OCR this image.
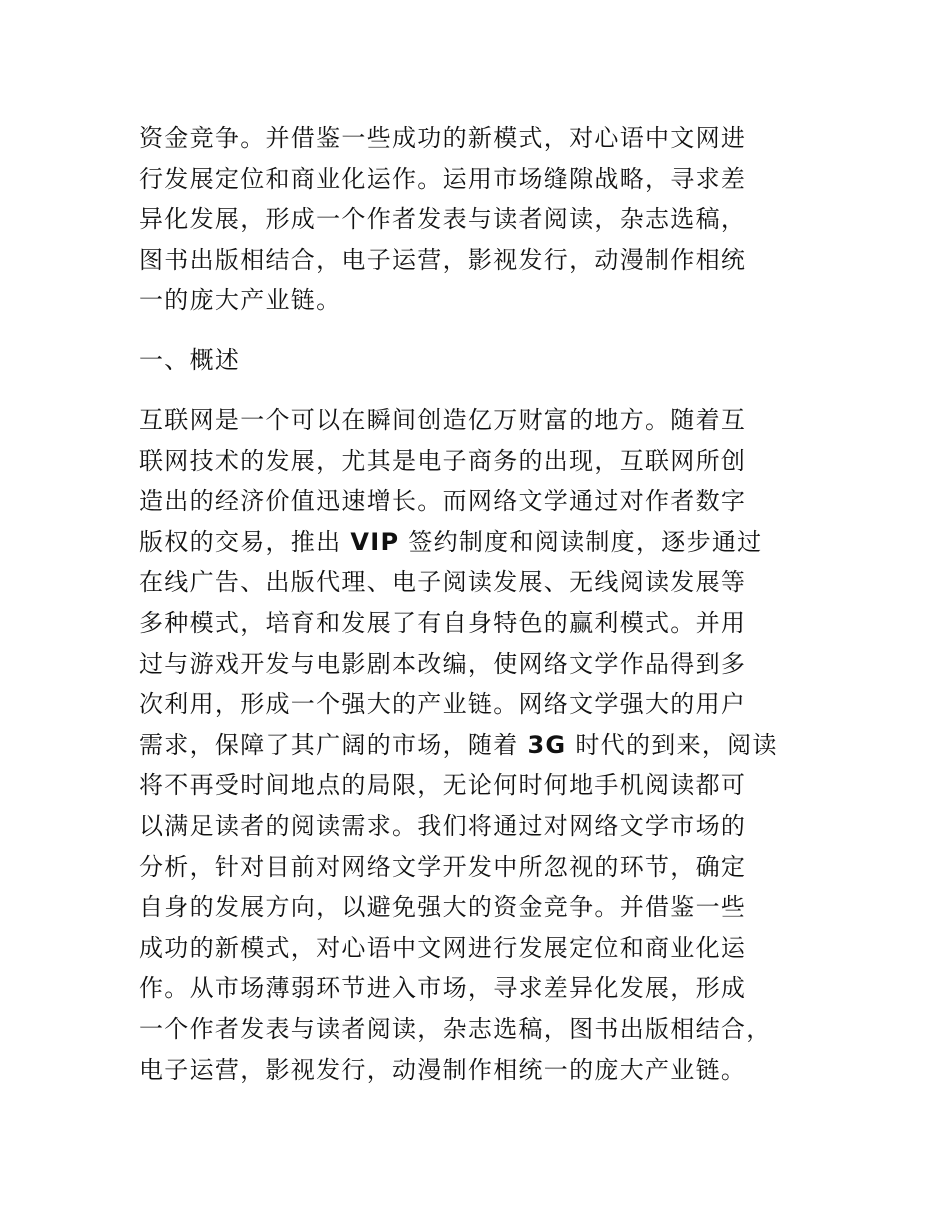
资金竞争。并借鉴一些成功的新模式，对心语中文网进
行发展定位和商业化运作。运用市场缝隙战略，寻求差
异化发展，形成一个作者发表与读者阅读，杂志选稿，
图书出版相结合，电子运营，影视发行，动漫制作相统
一的庞大产业链。
一、概述
互联网是一个可以在瞬间创造亿万财富的地方。随着互
联网技术的发展，尤其是电子商务的出现，互联网所创
造出的经济价值迅速增长。而网络文学通过对作者数字
版权的交易，推出 VIP 签约制度和阅读制度，逐步通过
在线广告、出版代理、电子阅读发展、无线阅读发展等
多种模式，培育和发展了有自身特色的赢利模式。并用
过与游戏开发与电影剧本改编，使网络文学作品得到多
次利用，形成一个强大的产业链。网络文学强大的用户
需求，保障了其广阔的市场，随着 3G 时代的到来，阅读
将不再受时间地点的局限，无论何时何地手机阅读都可
以满足读者的阅读需求。我们将通过对网络文学市场的
分析，针对目前对网络文学开发中所忽视的环节，确定
自身的发展方向，以避免强大的资金竞争。并借鉴一些
成功的新模式，对心语中文网进行发展定位和商业化运
作。从市场薄弱环节进入市场，寻求差异化发展，形成
一个作者发表与读者阅读，杂志选稿，图书出版相结合，
电子运营，影视发行，动漫制作相统一的庞大产业链。
